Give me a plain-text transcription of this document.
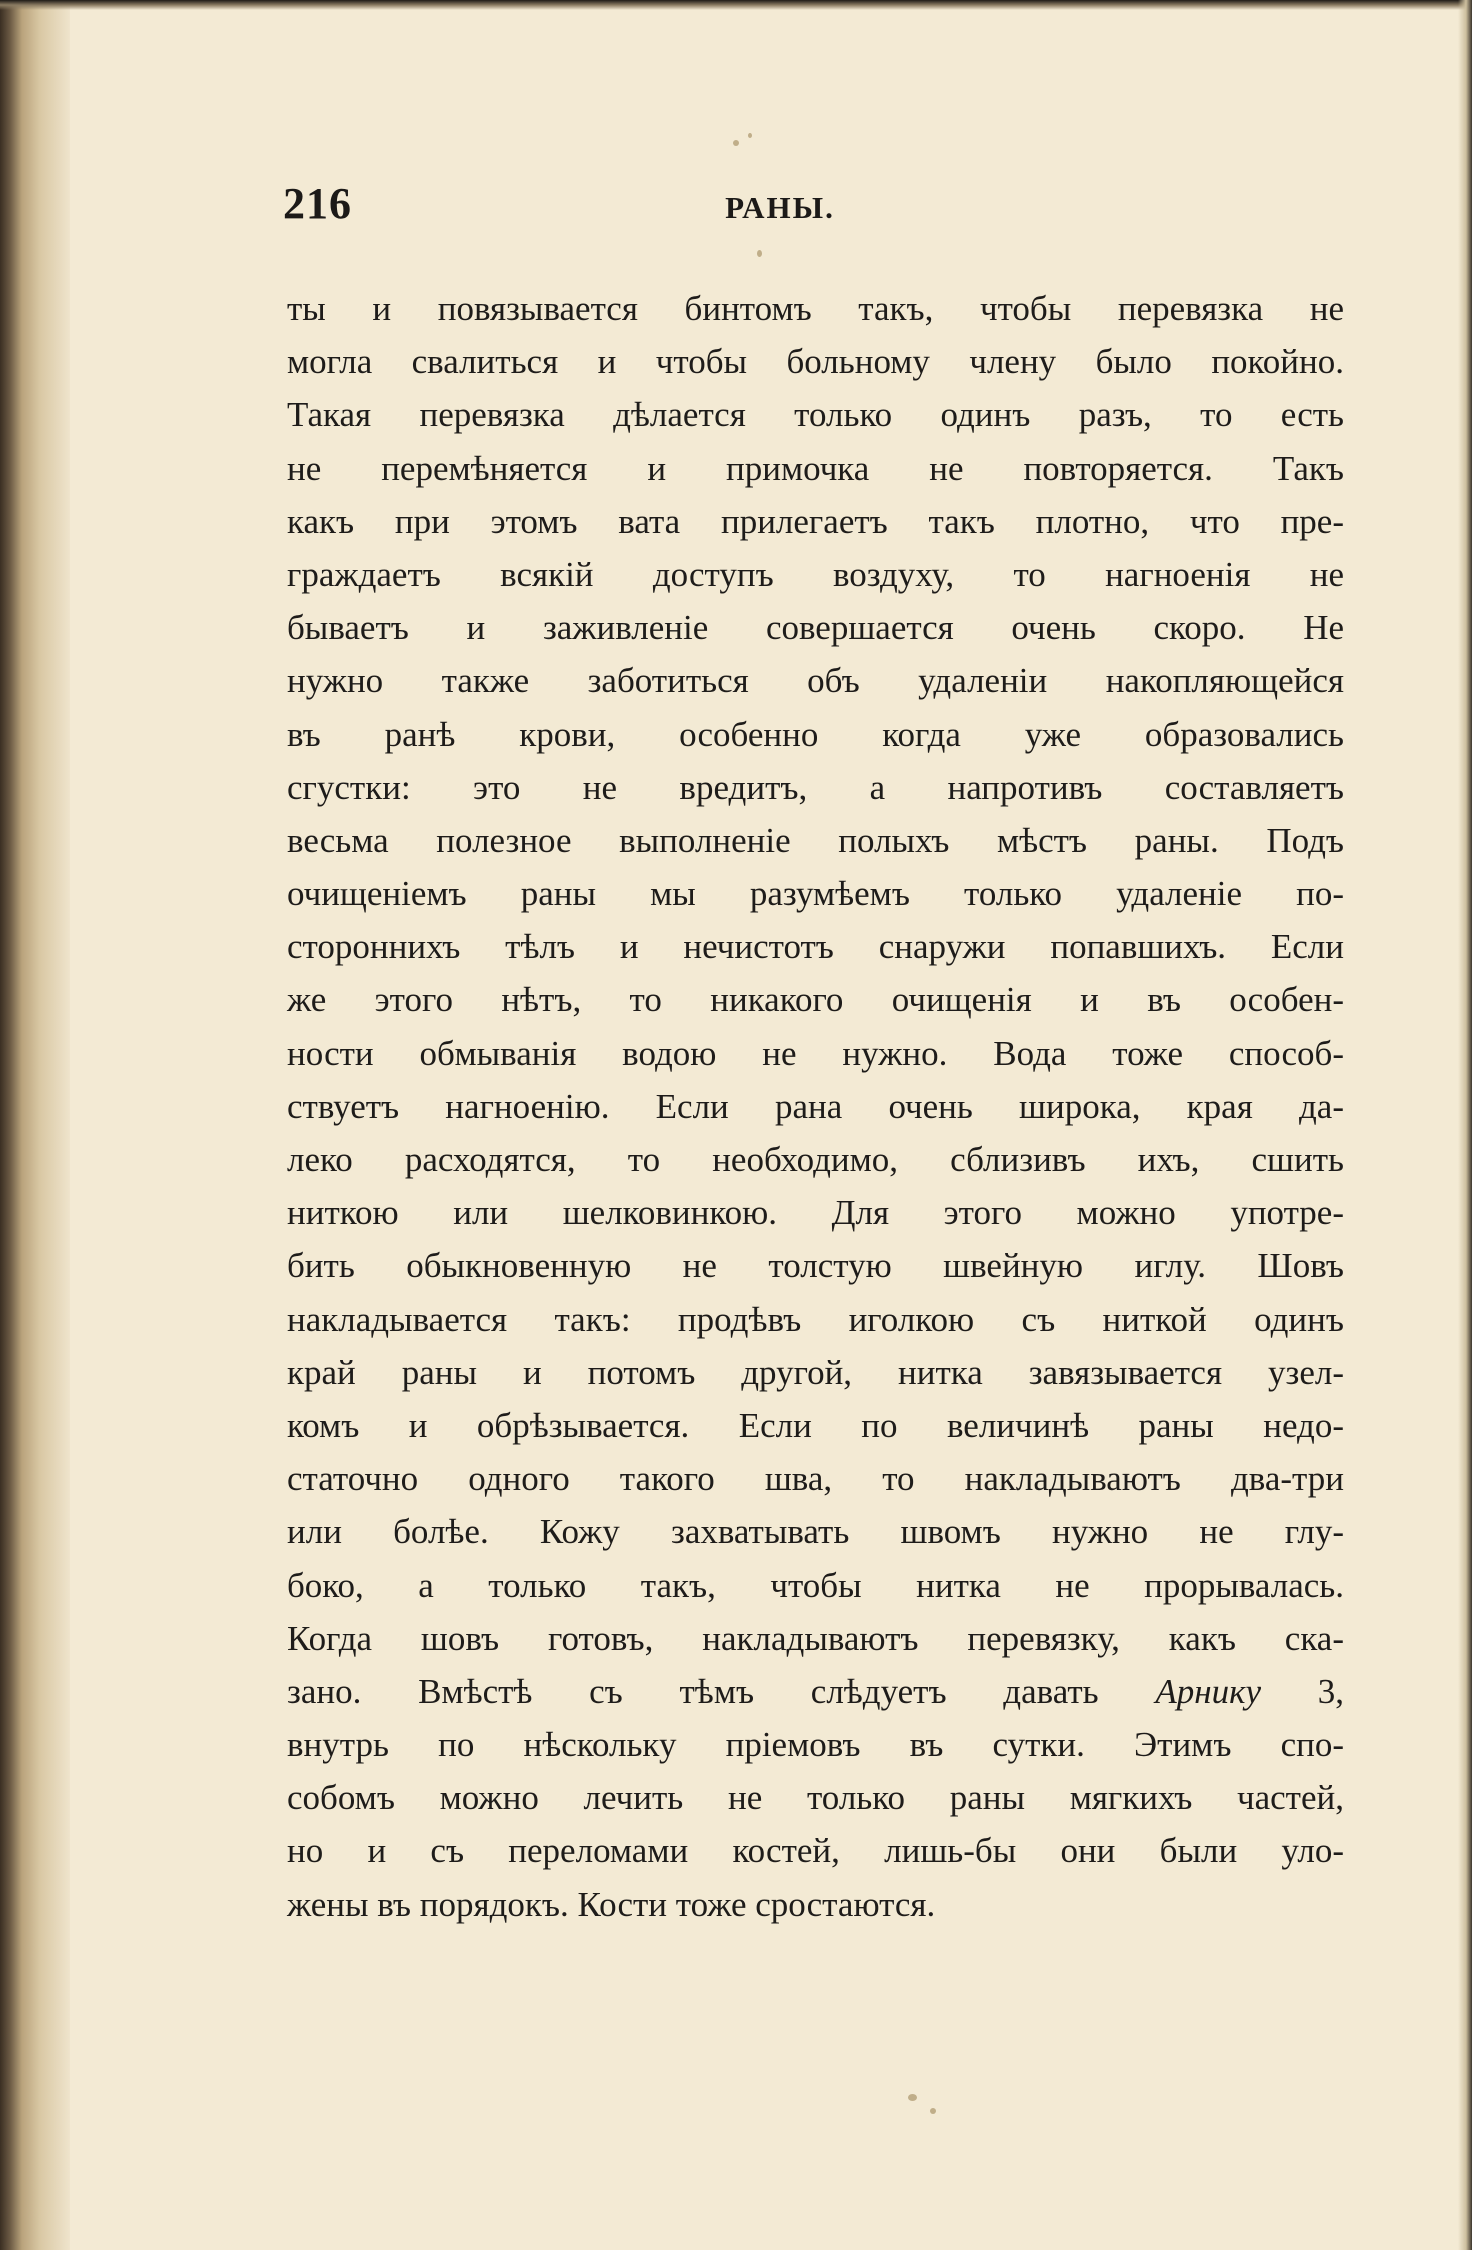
216	РАНЫ.
ты и повязывается бинтомъ такъ, чтобы перевязка не
могла свалиться и чтобы больному члену было покойно.
Такая перевязка дѣлается только одинъ разъ, то есть
не перемѣняется и примочка не повторяется. Такъ
какъ при этомъ вата прилегаетъ такъ плотно, что пре-
граждаетъ всякій доступъ воздуху, то нагноенія не
бываетъ и заживленіе совершается очень скоро. Не
нужно также заботиться объ удаленіи накопляющейся
въ ранѣ крови, особенно когда уже образовались
сгустки: это не вредитъ, а напротивъ составляетъ
весьма полезное выполненіе полыхъ мѣстъ раны. Подъ
очищеніемъ раны мы разумѣемъ только удаленіе по-
стороннихъ тѣлъ и нечистотъ снаружи попавшихъ. Если
же этого нѣтъ, то никакого очищенія и въ особен-
ности обмыванія водою не нужно. Вода тоже способ-
ствуетъ нагноенію. Если рана очень широка, края да-
леко расходятся, то необходимо, сблизивъ ихъ, сшить
ниткою или шелковинкою. Для этого можно употре-
бить обыкновенную не толстую швейную иглу. Шовъ
накладывается такъ: продѣвъ иголкою съ ниткой одинъ
край раны и потомъ другой, нитка завязывается узел-
комъ и обрѣзывается. Если по величинѣ раны недо-
статочно одного такого шва, то накладываютъ два-три
или болѣе. Кожу захватывать швомъ нужно не глу-
боко, а только такъ, чтобы нитка не прорывалась.
Когда шовъ готовъ, накладываютъ перевязку, какъ ска-
зано. Вмѣстѣ съ тѣмъ слѣдуетъ давать Арнику 3,
внутрь по нѣскольку пріемовъ въ сутки. Этимъ спо-
собомъ можно лечить не только раны мягкихъ частей,
но и съ переломами костей, лишь-бы они были уло-
жены въ порядокъ. Кости тоже сростаются.
